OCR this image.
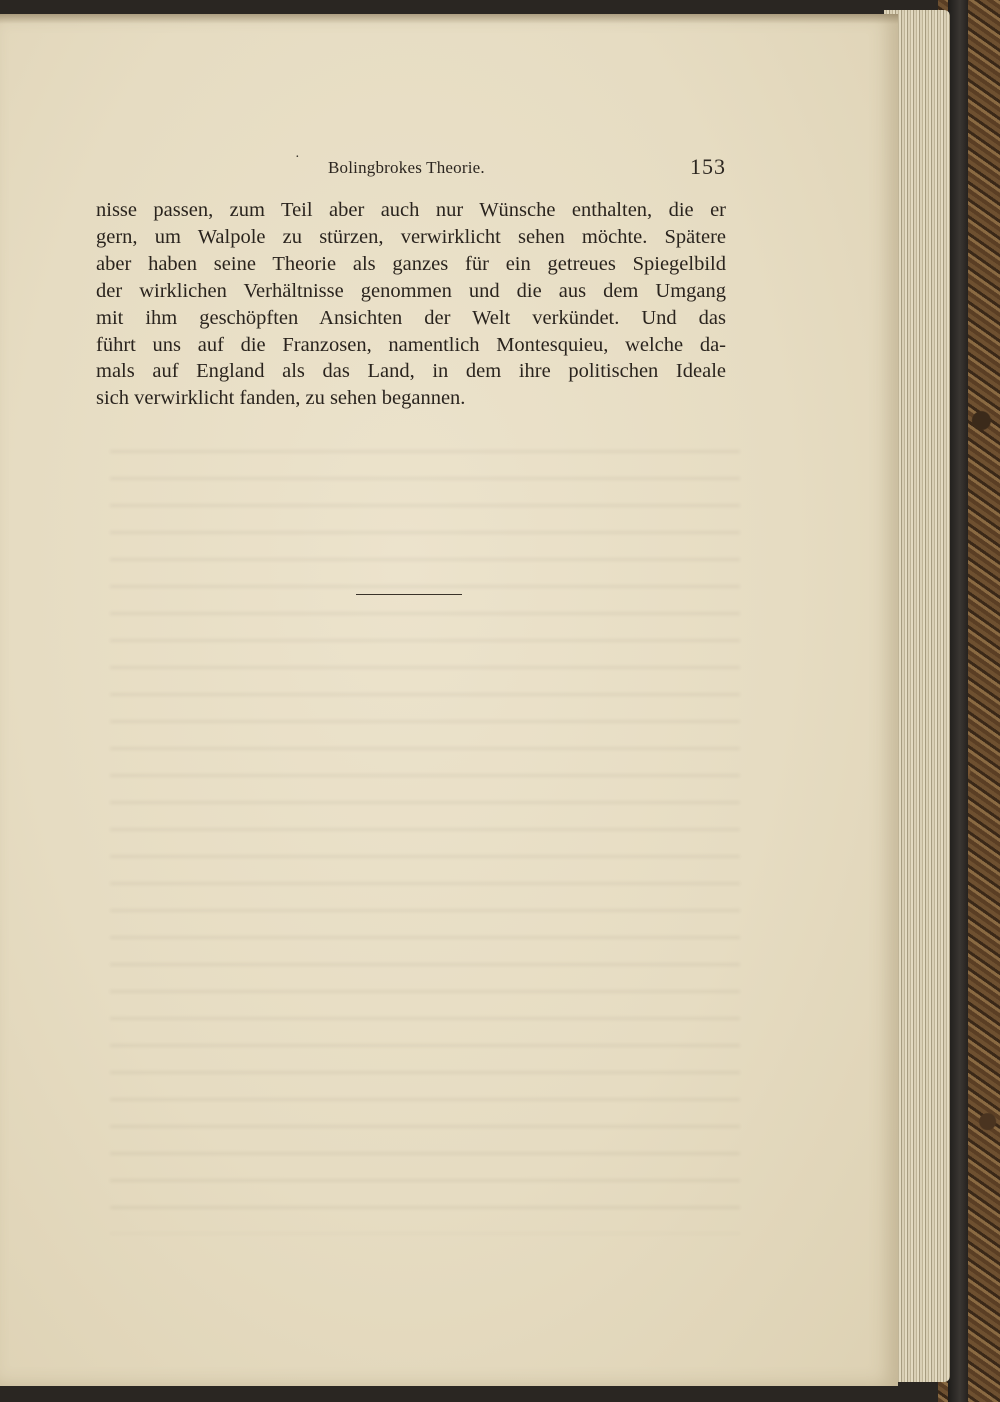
·
Bolingbrokes Theorie.	153
nisse passen, zum Teil aber auch nur Wünsche enthalten, die er
gern, um Walpole zu stürzen, verwirklicht sehen möchte. Spätere
aber haben seine Theorie als ganzes für ein getreues Spiegelbild
der wirklichen Verhältnisse genommen und die aus dem Umgang
mit ihm geschöpften Ansichten der Welt verkündet. Und das
führt uns auf die Franzosen, namentlich Montesquieu, welche da-
mals auf England als das Land, in dem ihre politischen Ideale
sich verwirklicht fanden, zu sehen begannen.
